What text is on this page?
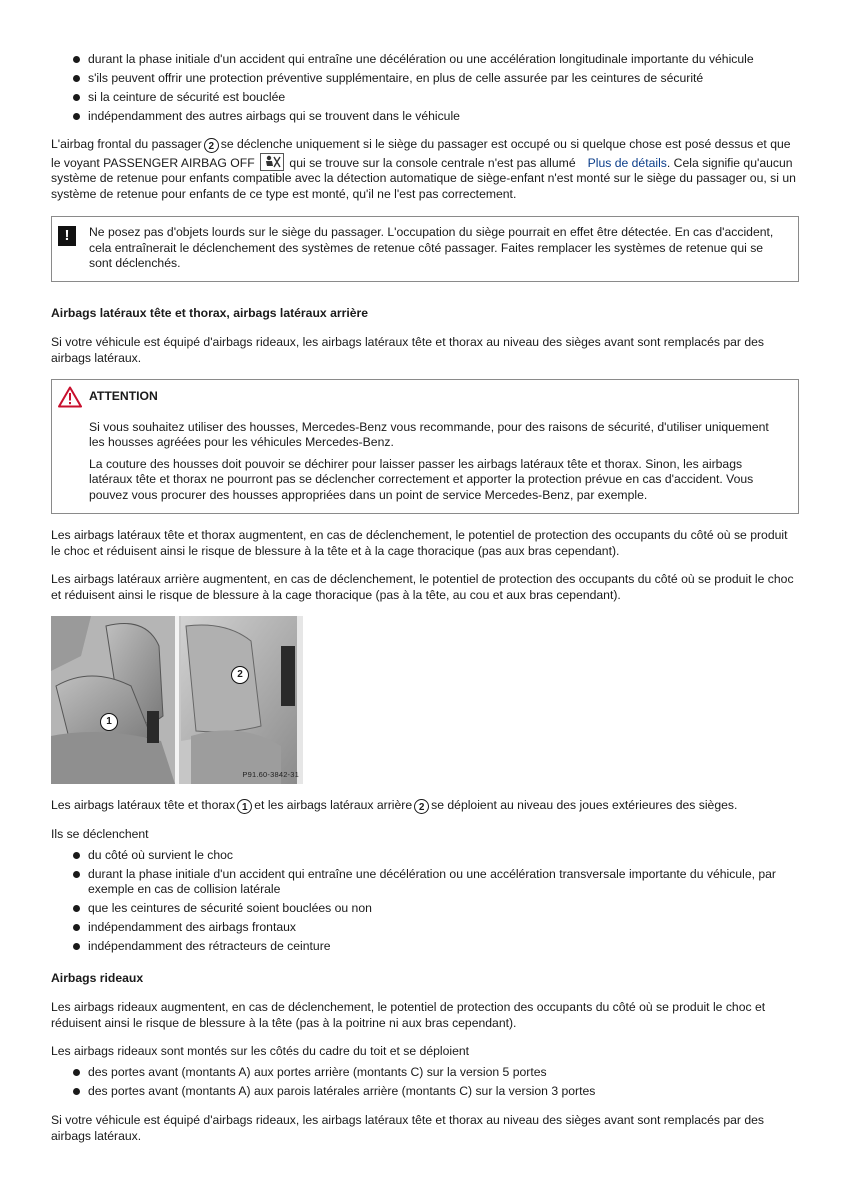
durant la phase initiale d'un accident qui entraîne une décélération ou une accélération longitudinale importante du véhicule
s'ils peuvent offrir une protection préventive supplémentaire, en plus de celle assurée par les ceintures de sécurité
si la ceinture de sécurité est bouclée
indépendamment des autres airbags qui se trouvent dans le véhicule

L'airbag frontal du passager 2 se déclenche uniquement si le siège du passager est occupé ou si quelque chose est posé dessus et que le voyant PASSENGER AIRBAG OFF	qui se trouve sur la console centrale n'est pas allumé Plus de détails. Cela signifie qu'aucun système de retenue pour enfants compatible avec la détection automatique de siège-enfant n'est monté sur le siège du passager ou, si un système de retenue pour enfants de ce type est monté, qu'il ne l'est pas correctement.

!	Ne posez pas d'objets lourds sur le siège du passager. L'occupation du siège pourrait en effet être détectée. En cas d'accident, cela entraînerait le déclenchement des systèmes de retenue côté passager. Faites remplacer les systèmes de retenue qui se sont déclenchés.

Airbags latéraux tête et thorax, airbags latéraux arrière

Si votre véhicule est équipé d'airbags rideaux, les airbags latéraux tête et thorax au niveau des sièges avant sont remplacés par des airbags latéraux.

ATTENTION

Si vous souhaitez utiliser des housses, Mercedes-Benz vous recommande, pour des raisons de sécurité, d'utiliser uniquement les housses agréées pour les véhicules Mercedes-Benz.

La couture des housses doit pouvoir se déchirer pour laisser passer les airbags latéraux tête et thorax. Sinon, les airbags latéraux tête et thorax ne pourront pas se déclencher correctement et apporter la protection prévue en cas d'accident. Vous pouvez vous procurer des housses appropriées dans un point de service Mercedes-Benz, par exemple.

Les airbags latéraux tête et thorax augmentent, en cas de déclenchement, le potentiel de protection des occupants du côté où se produit le choc et réduisent ainsi le risque de blessure à la tête et à la cage thoracique (pas aux bras cependant).

Les airbags latéraux arrière augmentent, en cas de déclenchement, le potentiel de protection des occupants du côté où se produit le choc et réduisent ainsi le risque de blessure à la cage thoracique (pas à la tête, au cou et aux bras cependant).

1
2
P91.60-3842-31

Les airbags latéraux tête et thorax 1 et les airbags latéraux arrière 2 se déploient au niveau des joues extérieures des sièges.

Ils se déclenchent

du côté où survient le choc
durant la phase initiale d'un accident qui entraîne une décélération ou une accélération transversale importante du véhicule, par exemple en cas de collision latérale
que les ceintures de sécurité soient bouclées ou non
indépendamment des airbags frontaux
indépendamment des rétracteurs de ceinture
Airbags rideaux

Les airbags rideaux augmentent, en cas de déclenchement, le potentiel de protection des occupants du côté où se produit le choc et réduisent ainsi le risque de blessure à la tête (pas à la poitrine ni aux bras cependant).

Les airbags rideaux sont montés sur les côtés du cadre du toit et se déploient

des portes avant (montants A) aux portes arrière (montants C) sur la version 5 portes
des portes avant (montants A) aux parois latérales arrière (montants C) sur la version 3 portes

Si votre véhicule est équipé d'airbags rideaux, les airbags latéraux tête et thorax au niveau des sièges avant sont remplacés par des airbags latéraux.
